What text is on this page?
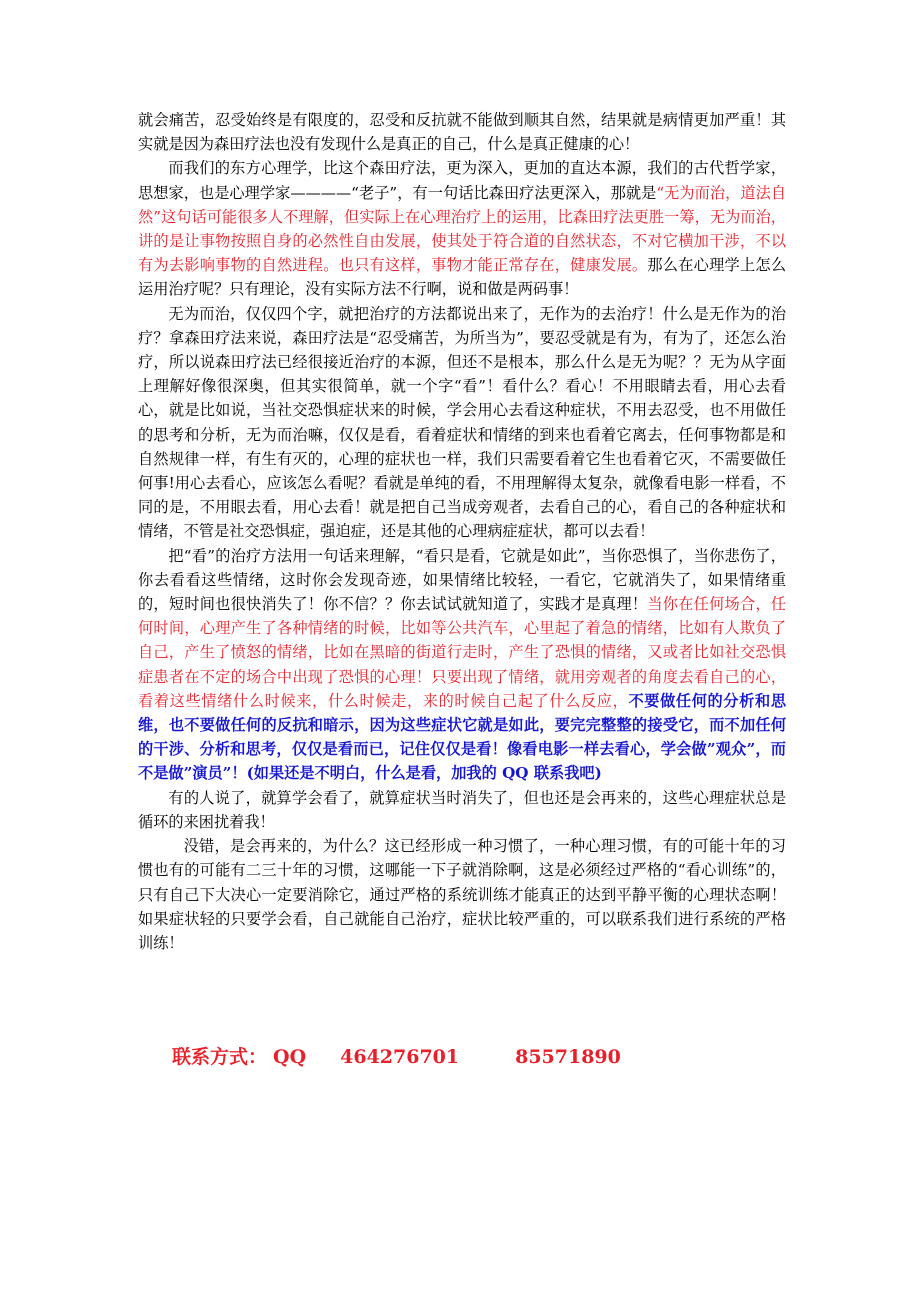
就会痛苦，忍受始终是有限度的，忍受和反抗就不能做到顺其自然，结果就是病情更加严重！其实就是因为森田疗法也没有发现什么是真正的自己，什么是真正健康的心！

而我们的东方心理学，比这个森田疗法，更为深入，更加的直达本源，我们的古代哲学家，思想家，也是心理学家————“老子”，有一句话比森田疗法更深入，那就是“无为而治，道法自然”这句话可能很多人不理解，但实际上在心理治疗上的运用，比森田疗法更胜一筹，无为而治，讲的是让事物按照自身的必然性自由发展，使其处于符合道的自然状态，不对它横加干涉，不以有为去影响事物的自然进程。也只有这样，事物才能正常存在，健康发展。那么在心理学上怎么运用治疗呢？只有理论，没有实际方法不行啊，说和做是两码事！

无为而治，仅仅四个字，就把治疗的方法都说出来了，无作为的去治疗！什么是无作为的治疗？拿森田疗法来说，森田疗法是“忍受痛苦，为所当为”，要忍受就是有为，有为了，还怎么治疗，所以说森田疗法已经很接近治疗的本源，但还不是根本，那么什么是无为呢？？无为从字面上理解好像很深奥，但其实很简单，就一个字“看”！看什么？看心！不用眼睛去看，用心去看心，就是比如说，当社交恐惧症状来的时候，学会用心去看这种症状，不用去忍受，也不用做任的思考和分析，无为而治嘛，仅仅是看，看着症状和情绪的到来也看着它离去，任何事物都是和自然规律一样，有生有灭的，心理的症状也一样，我们只需要看着它生也看着它灭，不需要做任何事!用心去看心，应该怎么看呢？看就是单纯的看，不用理解得太复杂，就像看电影一样看，不同的是，不用眼去看，用心去看！就是把自己当成旁观者，去看自己的心，看自己的各种症状和情绪，不管是社交恐惧症，强迫症，还是其他的心理病症症状，都可以去看！

把“看”的治疗方法用一句话来理解，“看只是看，它就是如此”，当你恐惧了，当你悲伤了，你去看看这些情绪，这时你会发现奇迹，如果情绪比较轻，一看它，它就消失了，如果情绪重的，短时间也很快消失了！你不信？？你去试试就知道了，实践才是真理！当你在任何场合，任何时间，心理产生了各种情绪的时候，比如等公共汽车，心里起了着急的情绪，比如有人欺负了自己，产生了愤怒的情绪，比如在黑暗的街道行走时，产生了恐惧的情绪，又或者比如社交恐惧症患者在不定的场合中出现了恐惧的心理！只要出现了情绪，就用旁观者的角度去看自己的心，看着这些情绪什么时候来，什么时候走，来的时候自己起了什么反应，不要做任何的分析和思维，也不要做任何的反抗和暗示，因为这些症状它就是如此，要完完整整的接受它，而不加任何的干涉、分析和思考，仅仅是看而已，记住仅仅是看！像看电影一样去看心，学会做”观众”，而不是做”演员”！(如果还是不明白，什么是看，加我的 QQ 联系我吧)

有的人说了，就算学会看了，就算症状当时消失了，但也还是会再来的，这些心理症状总是循环的来困扰着我！

没错，是会再来的，为什么？这已经形成一种习惯了，一种心理习惯，有的可能十年的习惯也有的可能有二三十年的习惯，这哪能一下子就消除啊，这是必须经过严格的“看心训练”的，只有自己下大决心一定要消除它，通过严格的系统训练才能真正的达到平静平衡的心理状态啊！如果症状轻的只要学会看，自己就能自己治疗，症状比较严重的，可以联系我们进行系统的严格训练！

联系方式： QQ 464276701	85571890
